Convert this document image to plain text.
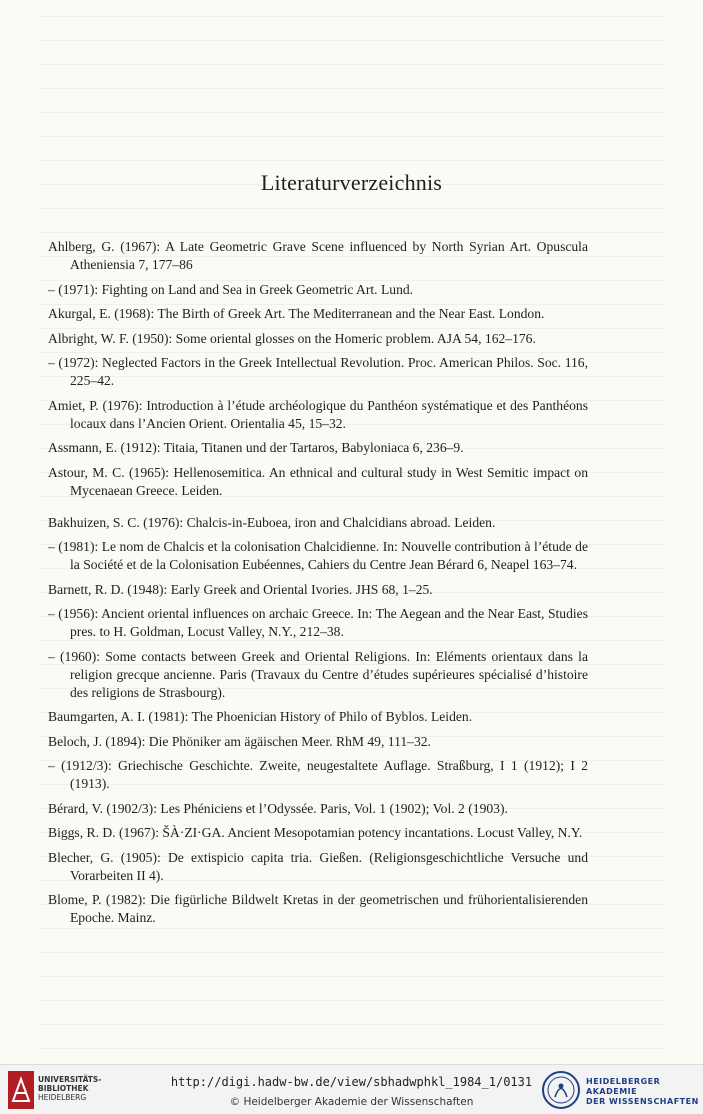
Literaturverzeichnis

Ahlberg, G. (1967): A Late Geometric Grave Scene influenced by North Syrian Art. Opuscula Atheniensia 7, 177–86

– (1971): Fighting on Land and Sea in Greek Geometric Art. Lund.

Akurgal, E. (1968): The Birth of Greek Art. The Mediterranean and the Near East. London.

Albright, W. F. (1950): Some oriental glosses on the Homeric problem. AJA 54, 162–176.

– (1972): Neglected Factors in the Greek Intellectual Revolution. Proc. American Philos. Soc. 116, 225–42.

Amiet, P. (1976): Introduction à l’étude archéologique du Panthéon systématique et des Panthéons locaux dans l’Ancien Orient. Orientalia 45, 15–32.

Assmann, E. (1912): Titaia, Titanen und der Tartaros, Babyloniaca 6, 236–9.

Astour, M. C. (1965): Hellenosemitica. An ethnical and cultural study in West Semitic impact on Mycenaean Greece. Leiden.

Bakhuizen, S. C. (1976): Chalcis-in-Euboea, iron and Chalcidians abroad. Leiden.

– (1981): Le nom de Chalcis et la colonisation Chalcidienne. In: Nouvelle contribution à l’étude de la Société et de la Colonisation Eubéennes, Cahiers du Centre Jean Bérard 6, Neapel 163–74.

Barnett, R. D. (1948): Early Greek and Oriental Ivories. JHS 68, 1–25.

– (1956): Ancient oriental influences on archaic Greece. In: The Aegean and the Near East, Studies pres. to H. Goldman, Locust Valley, N.Y., 212–38.

– (1960): Some contacts between Greek and Oriental Religions. In: Eléments orientaux dans la religion grecque ancienne. Paris (Travaux du Centre d’études supérieures spécialisé d’histoire des religions de Strasbourg).

Baumgarten, A. I. (1981): The Phoenician History of Philo of Byblos. Leiden.

Beloch, J. (1894): Die Phöniker am ägäischen Meer. RhM 49, 111–32.

– (1912/3): Griechische Geschichte. Zweite, neugestaltete Auflage. Straßburg, I 1 (1912); I 2 (1913).

Bérard, V. (1902/3): Les Phéniciens et l’Odyssée. Paris, Vol. 1 (1902); Vol. 2 (1903).

Biggs, R. D. (1967): ŠÀ·ZI·GA. Ancient Mesopotamian potency incantations. Locust Valley, N.Y.

Blecher, G. (1905): De extispicio capita tria. Gießen. (Religionsgeschichtliche Versuche und Vorarbeiten II 4).

Blome, P. (1982): Die figürliche Bildwelt Kretas in der geometrischen und frühorientalisierenden Epoche. Mainz.

UNIVERSITÄTS-
BIBLIOTHEK
HEIDELBERG
http://digi.hadw-bw.de/view/sbhadwphkl_1984_1/0131
© Heidelberger Akademie der Wissenschaften
HEIDELBERGER AKADEMIE
DER WISSENSCHAFTEN
